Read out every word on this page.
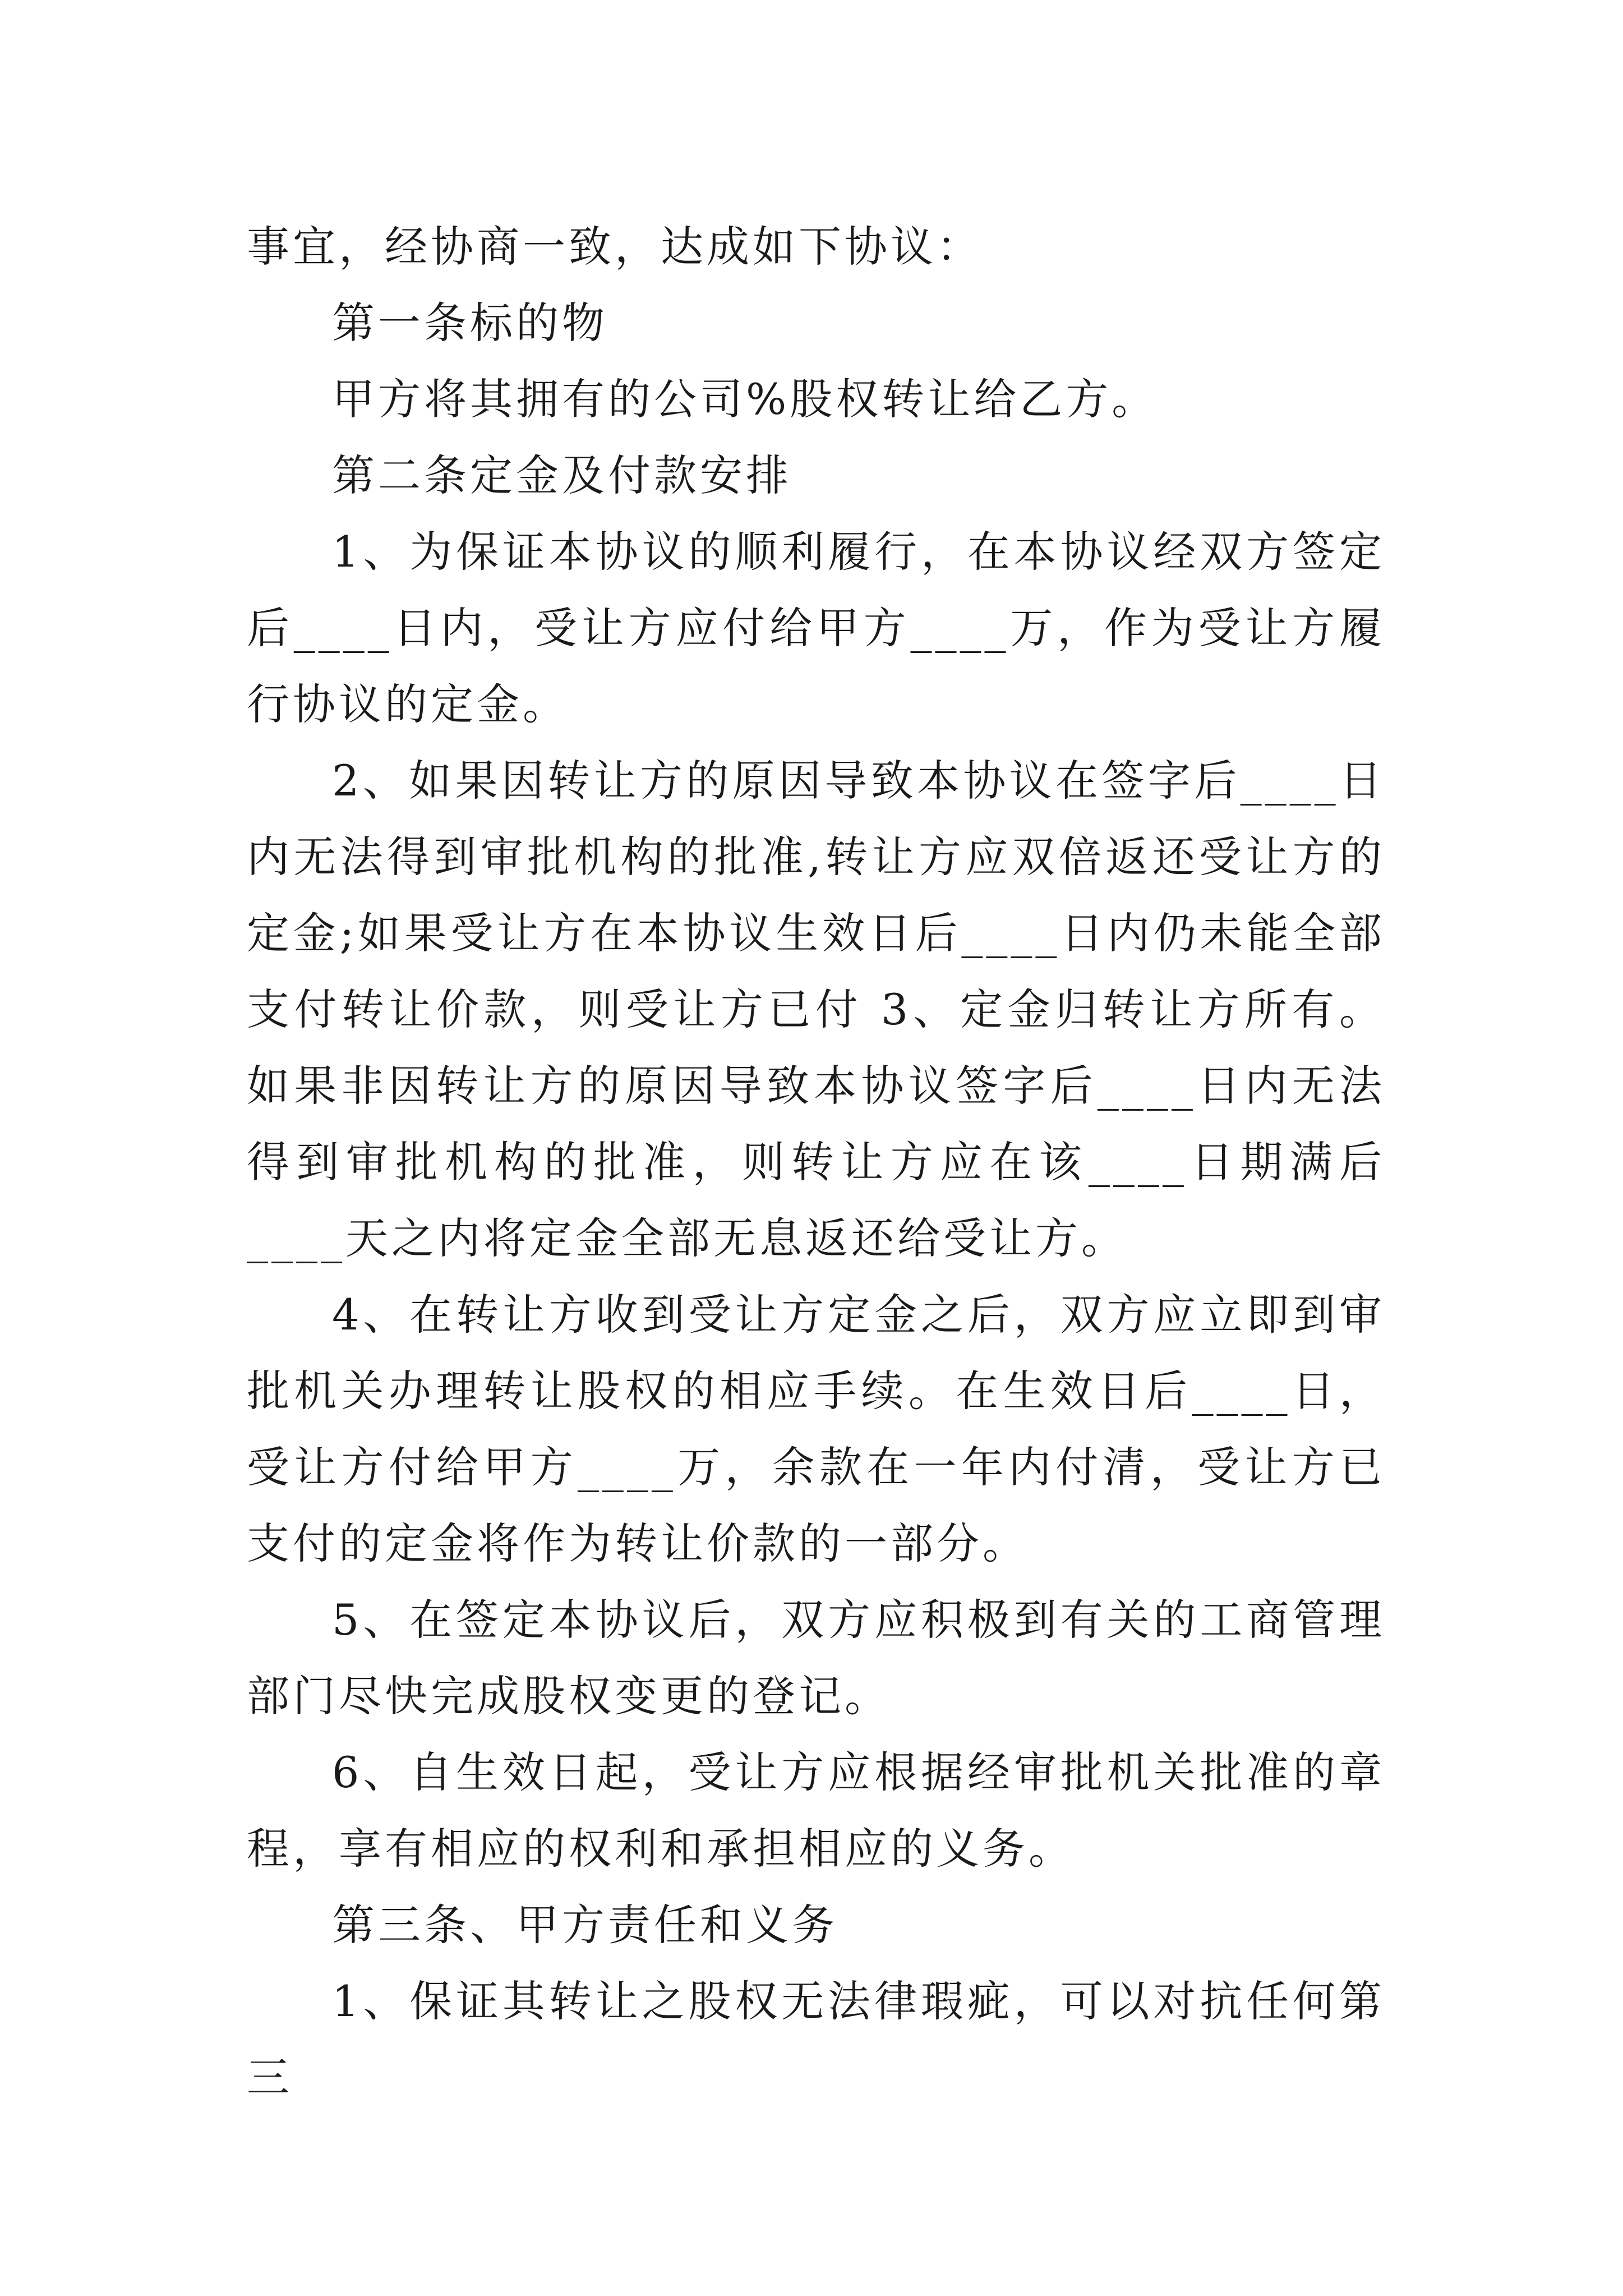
事宜，经协商一致，达成如下协议：

第一条标的物

甲方将其拥有的公司%股权转让给乙方。

第二条定金及付款安排

1、为保证本协议的顺利履行，在本协议经双方签定后____日内，受让方应付给甲方____万，作为受让方履行协议的定金。

2、如果因转让方的原因导致本协议在签字后____日内无法得到审批机构的批准,转让方应双倍返还受让方的定金;如果受让方在本协议生效日后____日内仍未能全部支付转让价款，则受让方已付 3、定金归转让方所有。如果非因转让方的原因导致本协议签字后____日内无法得到审批机构的批准，则转让方应在该____日期满后____天之内将定金全部无息返还给受让方。

4、在转让方收到受让方定金之后，双方应立即到审批机关办理转让股权的相应手续。在生效日后____日，受让方付给甲方____万，余款在一年内付清，受让方已支付的定金将作为转让价款的一部分。

5、在签定本协议后，双方应积极到有关的工商管理部门尽快完成股权变更的登记。

6、自生效日起，受让方应根据经审批机关批准的章程，享有相应的权利和承担相应的义务。

第三条、甲方责任和义务

1、保证其转让之股权无法律瑕疵，可以对抗任何第三
